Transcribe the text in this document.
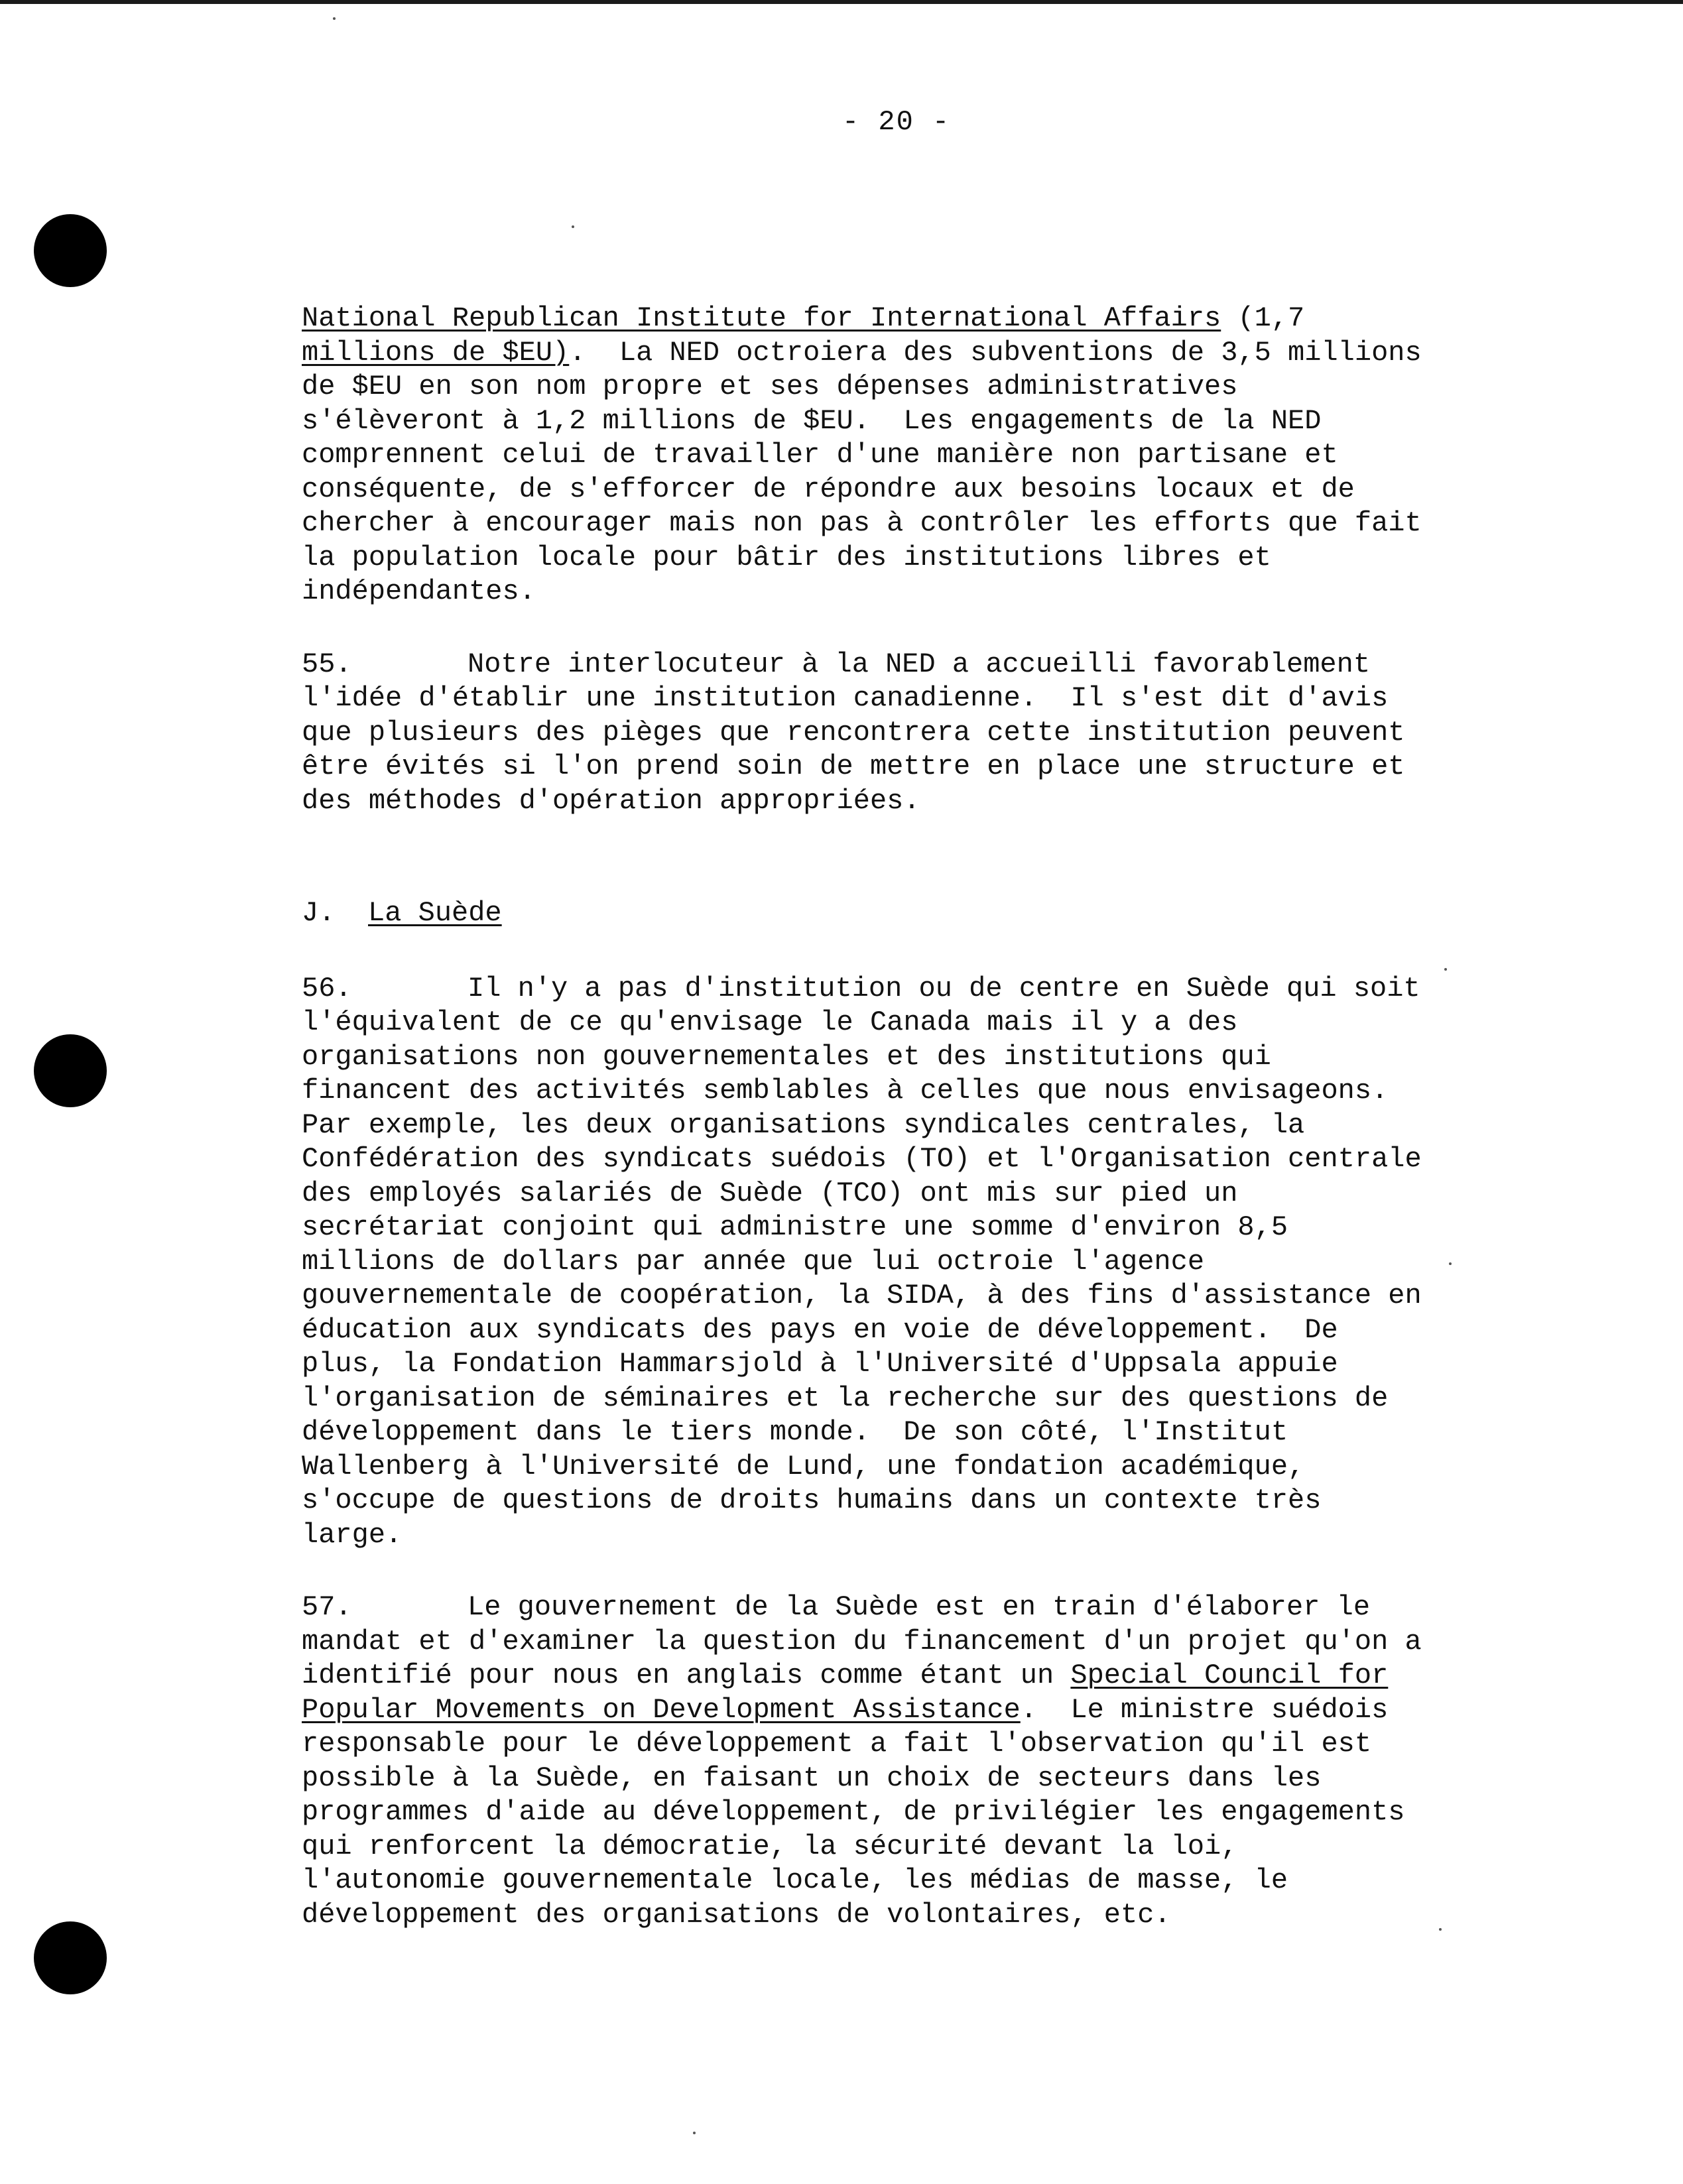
- 20 -

National Republican Institute for International Affairs (1,7
millions de $EU).  La NED octroiera des subventions de 3,5 millions
de $EU en son nom propre et ses dépenses administratives
s'élèveront à 1,2 millions de $EU.  Les engagements de la NED
comprennent celui de travailler d'une manière non partisane et
conséquente, de s'efforcer de répondre aux besoins locaux et de
chercher à encourager mais non pas à contrôler les efforts que fait
la population locale pour bâtir des institutions libres et
indépendantes.

55.	Notre interlocuteur à la NED a accueilli favorablement
l'idée d'établir une institution canadienne.  Il s'est dit d'avis
que plusieurs des pièges que rencontrera cette institution peuvent
être évités si l'on prend soin de mettre en place une structure et
des méthodes d'opération appropriées.

J. La Suède

56.	Il n'y a pas d'institution ou de centre en Suède qui soit
l'équivalent de ce qu'envisage le Canada mais il y a des
organisations non gouvernementales et des institutions qui
financent des activités semblables à celles que nous envisageons.
Par exemple, les deux organisations syndicales centrales, la
Confédération des syndicats suédois (TO) et l'Organisation centrale
des employés salariés de Suède (TCO) ont mis sur pied un
secrétariat conjoint qui administre une somme d'environ 8,5
millions de dollars par année que lui octroie l'agence
gouvernementale de coopération, la SIDA, à des fins d'assistance en
éducation aux syndicats des pays en voie de développement.  De
plus, la Fondation Hammarsjold à l'Université d'Uppsala appuie
l'organisation de séminaires et la recherche sur des questions de
développement dans le tiers monde.  De son côté, l'Institut
Wallenberg à l'Université de Lund, une fondation académique,
s'occupe de questions de droits humains dans un contexte très
large.

57.	Le gouvernement de la Suède est en train d'élaborer le
mandat et d'examiner la question du financement d'un projet qu'on a
identifié pour nous en anglais comme étant un Special Council for
Popular Movements on Development Assistance.  Le ministre suédois
responsable pour le développement a fait l'observation qu'il est
possible à la Suède, en faisant un choix de secteurs dans les
programmes d'aide au développement, de privilégier les engagements
qui renforcent la démocratie, la sécurité devant la loi,
l'autonomie gouvernementale locale, les médias de masse, le
développement des organisations de volontaires, etc.
